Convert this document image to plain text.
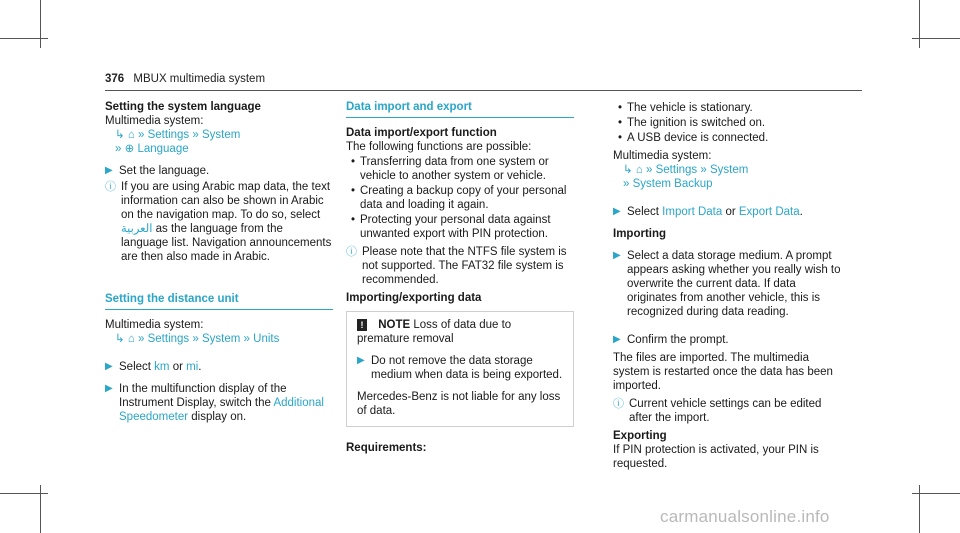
376 MBUX multimedia system
Setting the system language
Multimedia system:
↳ ⌂ » Settings » System
» ⊕ Language
▶ Set the language.
ⓘ If you are using Arabic map data, the text information can also be shown in Arabic on the navigation map. To do so, select العربية as the language from the language list. Navigation announcements are then also made in Arabic.
Setting the distance unit
Multimedia system:
↳ ⌂ » Settings » System » Units
▶ Select km or mi.
▶ In the multifunction display of the Instrument Display, switch the Additional Speedometer display on.
Data import and export
Data import/export function
The following functions are possible:
• Transferring data from one system or vehicle to another system or vehicle.
• Creating a backup copy of your personal data and loading it again.
• Protecting your personal data against unwanted export with PIN protection.
ⓘ Please note that the NTFS file system is not supported. The FAT32 file system is recommended.
Importing/exporting data
! NOTE Loss of data due to premature removal
▶ Do not remove the data storage medium when data is being exported.
Mercedes-Benz is not liable for any loss of data.
Requirements:
• The vehicle is stationary.
• The ignition is switched on.
• A USB device is connected.
Multimedia system:
↳ ⌂ » Settings » System
» System Backup
▶ Select Import Data or Export Data.
Importing
▶ Select a data storage medium. A prompt appears asking whether you really wish to overwrite the current data. If data originates from another vehicle, this is recognized during data reading.
▶ Confirm the prompt.
The files are imported. The multimedia system is restarted once the data has been imported.
ⓘ Current vehicle settings can be edited after the import.
Exporting
If PIN protection is activated, your PIN is requested.
carmanualsonline.info
